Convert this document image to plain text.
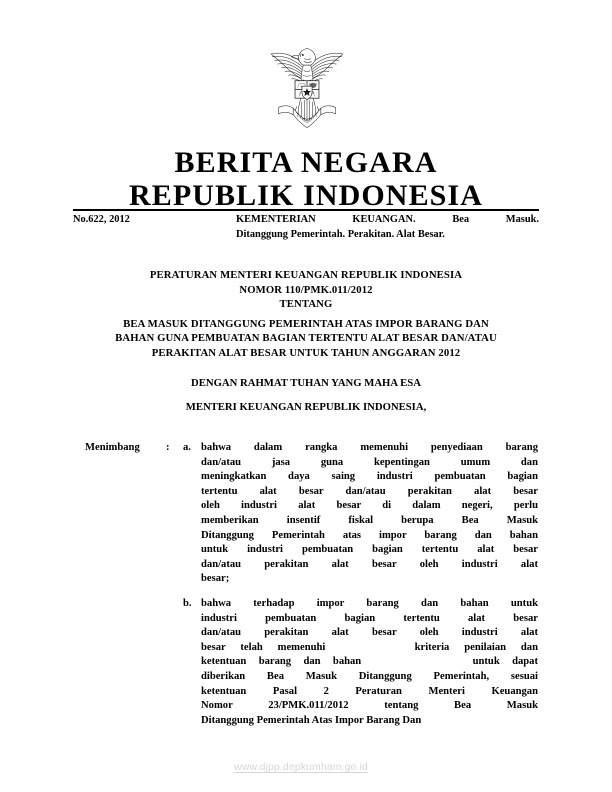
BERITA NEGARA
REPUBLIK INDONESIA
No.622, 2012	KEMENTERIAN KEUANGAN. Bea Masuk.
Ditanggung Pemerintah. Perakitan. Alat Besar.
PERATURAN MENTERI KEUANGAN REPUBLIK INDONESIA
NOMOR 110/PMK.011/2012
TENTANG
BEA MASUK DITANGGUNG PEMERINTAH ATAS IMPOR BARANG DAN
BAHAN GUNA PEMBUATAN BAGIAN TERTENTU ALAT BESAR DAN/ATAU
PERAKITAN ALAT BESAR UNTUK TAHUN ANGGARAN 2012
DENGAN RAHMAT TUHAN YANG MAHA ESA
MENTERI KEUANGAN REPUBLIK INDONESIA,
Menimbang	: a. bahwa dalam rangka memenuhi penyediaan barang
dan/atau jasa guna kepentingan umum dan
meningkatkan daya saing industri pembuatan bagian
tertentu alat besar dan/atau perakitan alat besar
oleh industri alat besar di dalam negeri, perlu
memberikan insentif fiskal berupa Bea Masuk
Ditanggung Pemerintah atas impor barang dan bahan
untuk industri pembuatan bagian tertentu alat besar
dan/atau perakitan alat besar oleh industri alat
besar;
b. bahwa terhadap impor barang dan bahan untuk
industri pembuatan bagian tertentu alat besar
dan/atau perakitan alat besar oleh industri alat
besar telah memenuhi      kriteria penilaian dan
ketentuan barang dan bahan         untuk dapat
diberikan Bea Masuk Ditanggung Pemerintah, sesuai
ketentuan Pasal 2 Peraturan Menteri Keuangan
Nomor 23/PMK.011/2012 tentang Bea Masuk
Ditanggung Pemerintah Atas Impor Barang Dan
www.djpp.depkumham.go.id
